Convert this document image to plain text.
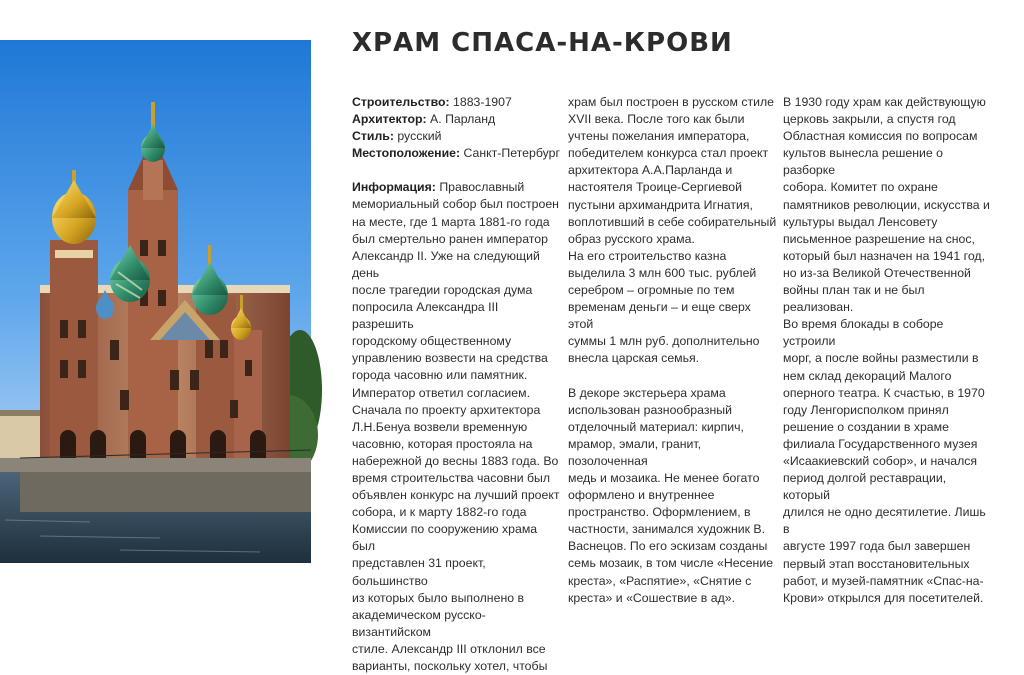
ХРАМ СПАСА-НА-КРОВИ
Строительство: 1883-1907
Архитектор: А. Парланд
Стиль: русский
Местоположение: Санкт-Петербург

Информация: Православный
мемориальный собор был построен
на месте, где 1 марта 1881-го года
был смертельно ранен император
Александр II. Уже на следующий день
после трагедии городская дума
попросила Александра III разрешить
городскому общественному
управлению возвести на средства
города часовню или памятник.
Император ответил согласием.
Сначала по проекту архитектора
Л.Н.Бенуа возвели временную
часовню, которая простояла на
набережной до весны 1883 года. Во
время строительства часовни был
объявлен конкурс на лучший проект
собора, и к марту 1882-го года
Комиссии по сооружению храма был
представлен 31 проект, большинство
из которых было выполнено в
академическом русско-византийском
стиле. Александр III отклонил все
варианты, поскольку хотел, чтобы

храм был построен в русском стиле
XVII века. После того как были
учтены пожелания императора,
победителем конкурса стал проект
архитектора А.А.Парланда и
настоятеля Троице-Сергиевой
пустыни архимандрита Игнатия,
воплотивший в себе собирательный
образ русского храма.
На его строительство казна
выделила 3 млн 600 тыс. рублей
серебром – огромные по тем
временам деньги – и еще сверх этой
суммы 1 млн руб. дополнительно
внесла царская семья.

В декоре экстерьера храма
использован разнообразный
отделочный материал: кирпич,
мрамор, эмали, гранит, позолоченная
медь и мозаика. Не менее богато
оформлено и внутреннее
пространство. Оформлением, в
частности, занимался художник В.
Васнецов. По его эскизам созданы
семь мозаик, в том числе «Несение
креста», «Распятие», «Снятие с
креста» и «Сошествие в ад».

В 1930 году храм как действующую
церковь закрыли, а спустя год
Областная комиссия по вопросам
культов вынесла решение о разборке
собора. Комитет по охране
памятников революции, искусства и
культуры выдал Ленсовету
письменное разрешение на снос,
который был назначен на 1941 год,
но из-за Великой Отечественной
войны план так и не был реализован.
Во время блокады в соборе устроили
морг, а после войны разместили в
нем склад декораций Малого
оперного театра. К счастью, в 1970
году Ленгорисполком принял
решение о создании в храме
филиала Государственного музея
«Исаакиевский собор», и начался
период долгой реставрации, который
длился не одно десятилетие. Лишь в
августе 1997 года был завершен
первый этап восстановительных
работ, и музей-памятник «Спас-на-
Крови» открылся для посетителей.
